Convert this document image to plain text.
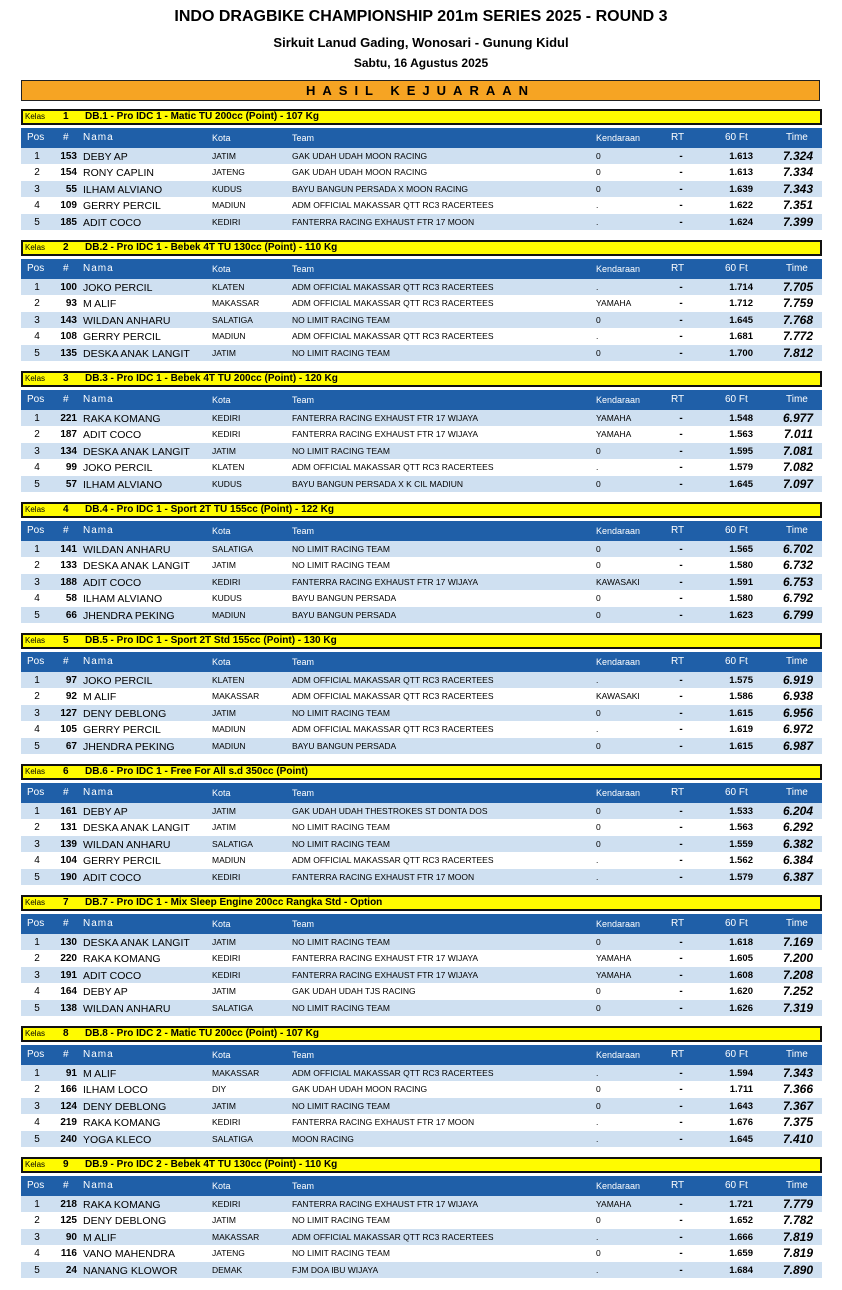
INDO DRAGBIKE CHAMPIONSHIP 201m SERIES 2025 - ROUND 3
Sirkuit Lanud Gading, Wonosari - Gunung Kidul
Sabtu, 16 Agustus 2025
HASIL KEJUARAAN
Kelas 1 DB.1 - Pro IDC 1 - Matic TU 200cc (Point) - 107 Kg
Pos # Nama	Kota	Team	Kendaraan	RT	60 Ft	Time
1	153 DEBY AP	JATIM	GAK UDAH UDAH MOON RACING	0	-	1.613	7.324
2	154 RONY CAPLIN	JATENG	GAK UDAH UDAH MOON RACING	0	-	1.613	7.334
3	55 ILHAM ALVIANO	KUDUS	BAYU BANGUN PERSADA X MOON RACING	0	-	1.639	7.343
4	109 GERRY PERCIL	MADIUN	ADM OFFICIAL MAKASSAR QTT RC3 RACERTEES	.	-	1.622	7.351
5	185 ADIT COCO	KEDIRI	FANTERRA RACING EXHAUST FTR 17 MOON	.	-	1.624	7.399
Kelas 2 DB.2 - Pro IDC 1 - Bebek 4T TU 130cc (Point) - 110 Kg
Pos # Nama	Kota	Team	Kendaraan	RT	60 Ft	Time
1	100 JOKO PERCIL	KLATEN	ADM OFFICIAL MAKASSAR QTT RC3 RACERTEES	.	-	1.714	7.705
2	93 M ALIF	MAKASSAR	ADM OFFICIAL MAKASSAR QTT RC3 RACERTEES	YAMAHA	-	1.712	7.759
3	143 WILDAN ANHARU	SALATIGA	NO LIMIT RACING TEAM	0	-	1.645	7.768
4	108 GERRY PERCIL	MADIUN	ADM OFFICIAL MAKASSAR QTT RC3 RACERTEES	.	-	1.681	7.772
5	135 DESKA ANAK LANGIT	JATIM	NO LIMIT RACING TEAM	0	-	1.700	7.812
Kelas 3 DB.3 - Pro IDC 1 - Bebek 4T TU 200cc (Point) - 120 Kg
Pos # Nama	Kota	Team	Kendaraan	RT	60 Ft	Time
1	221 RAKA KOMANG	KEDIRI	FANTERRA RACING EXHAUST FTR 17 WIJAYA	YAMAHA	-	1.548	6.977
2	187 ADIT COCO	KEDIRI	FANTERRA RACING EXHAUST FTR 17 WIJAYA	YAMAHA	-	1.563	7.011
3	134 DESKA ANAK LANGIT	JATIM	NO LIMIT RACING TEAM	0	-	1.595	7.081
4	99 JOKO PERCIL	KLATEN	ADM OFFICIAL MAKASSAR QTT RC3 RACERTEES	.	-	1.579	7.082
5	57 ILHAM ALVIANO	KUDUS	BAYU BANGUN PERSADA X K CIL MADIUN	0	-	1.645	7.097
Kelas 4 DB.4 - Pro IDC 1 - Sport 2T TU 155cc (Point) - 122 Kg
Pos # Nama	Kota	Team	Kendaraan	RT	60 Ft	Time
1	141 WILDAN ANHARU	SALATIGA	NO LIMIT RACING TEAM	0	-	1.565	6.702
2	133 DESKA ANAK LANGIT	JATIM	NO LIMIT RACING TEAM	0	-	1.580	6.732
3	188 ADIT COCO	KEDIRI	FANTERRA RACING EXHAUST FTR 17 WIJAYA	KAWASAKI	-	1.591	6.753
4	58 ILHAM ALVIANO	KUDUS	BAYU BANGUN PERSADA	0	-	1.580	6.792
5	66 JHENDRA PEKING	MADIUN	BAYU BANGUN PERSADA	0	-	1.623	6.799
Kelas 5 DB.5 - Pro IDC 1 - Sport 2T Std 155cc (Point) - 130 Kg
Pos # Nama	Kota	Team	Kendaraan	RT	60 Ft	Time
1	97 JOKO PERCIL	KLATEN	ADM OFFICIAL MAKASSAR QTT RC3 RACERTEES	.	-	1.575	6.919
2	92 M ALIF	MAKASSAR	ADM OFFICIAL MAKASSAR QTT RC3 RACERTEES	KAWASAKI	-	1.586	6.938
3	127 DENY DEBLONG	JATIM	NO LIMIT RACING TEAM	0	-	1.615	6.956
4	105 GERRY PERCIL	MADIUN	ADM OFFICIAL MAKASSAR QTT RC3 RACERTEES	.	-	1.619	6.972
5	67 JHENDRA PEKING	MADIUN	BAYU BANGUN PERSADA	0	-	1.615	6.987
Kelas 6 DB.6 - Pro IDC 1 - Free For All s.d 350cc (Point)
Pos # Nama	Kota	Team	Kendaraan	RT	60 Ft	Time
1	161 DEBY AP	JATIM	GAK UDAH UDAH THESTROKES ST DONTA DOS	0	-	1.533	6.204
2	131 DESKA ANAK LANGIT	JATIM	NO LIMIT RACING TEAM	0	-	1.563	6.292
3	139 WILDAN ANHARU	SALATIGA	NO LIMIT RACING TEAM	0	-	1.559	6.382
4	104 GERRY PERCIL	MADIUN	ADM OFFICIAL MAKASSAR QTT RC3 RACERTEES	.	-	1.562	6.384
5	190 ADIT COCO	KEDIRI	FANTERRA RACING EXHAUST FTR 17 MOON	.	-	1.579	6.387
Kelas 7 DB.7 - Pro IDC 1 - Mix Sleep Engine 200cc Rangka Std - Option
Pos # Nama	Kota	Team	Kendaraan	RT	60 Ft	Time
1	130 DESKA ANAK LANGIT	JATIM	NO LIMIT RACING TEAM	0	-	1.618	7.169
2	220 RAKA KOMANG	KEDIRI	FANTERRA RACING EXHAUST FTR 17 WIJAYA	YAMAHA	-	1.605	7.200
3	191 ADIT COCO	KEDIRI	FANTERRA RACING EXHAUST FTR 17 WIJAYA	YAMAHA	-	1.608	7.208
4	164 DEBY AP	JATIM	GAK UDAH UDAH TJS RACING	0	-	1.620	7.252
5	138 WILDAN ANHARU	SALATIGA	NO LIMIT RACING TEAM	0	-	1.626	7.319
Kelas 8 DB.8 - Pro IDC 2 - Matic TU 200cc (Point) - 107 Kg
Pos # Nama	Kota	Team	Kendaraan	RT	60 Ft	Time
1	91 M ALIF	MAKASSAR	ADM OFFICIAL MAKASSAR QTT RC3 RACERTEES	.	-	1.594	7.343
2	166 ILHAM LOCO	DIY	GAK UDAH UDAH MOON RACING	0	-	1.711	7.366
3	124 DENY DEBLONG	JATIM	NO LIMIT RACING TEAM	0	-	1.643	7.367
4	219 RAKA KOMANG	KEDIRI	FANTERRA RACING EXHAUST FTR 17 MOON	.	-	1.676	7.375
5	240 YOGA KLECO	SALATIGA	MOON RACING	.	-	1.645	7.410
Kelas 9 DB.9 - Pro IDC 2 - Bebek 4T TU 130cc (Point) - 110 Kg
Pos # Nama	Kota	Team	Kendaraan	RT	60 Ft	Time
1	218 RAKA KOMANG	KEDIRI	FANTERRA RACING EXHAUST FTR 17 WIJAYA	YAMAHA	-	1.721	7.779
2	125 DENY DEBLONG	JATIM	NO LIMIT RACING TEAM	0	-	1.652	7.782
3	90 M ALIF	MAKASSAR	ADM OFFICIAL MAKASSAR QTT RC3 RACERTEES	.	-	1.666	7.819
4	116 VANO MAHENDRA	JATENG	NO LIMIT RACING TEAM	0	-	1.659	7.819
5	24 NANANG KLOWOR	DEMAK	FJM DOA IBU WIJAYA	.	-	1.684	7.890
